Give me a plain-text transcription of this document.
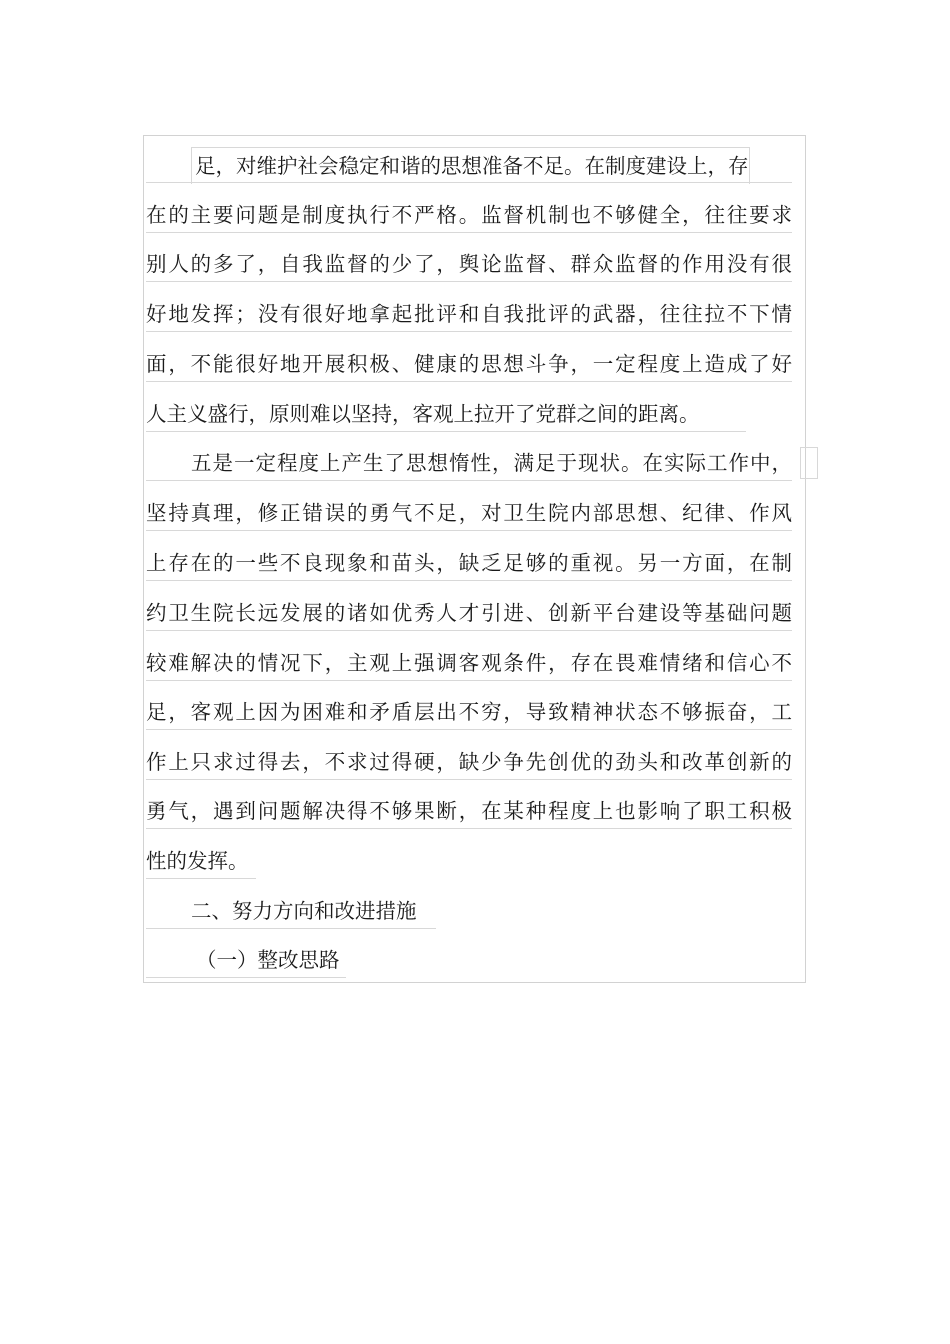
足，对维护社会稳定和谐的思想准备不足。在制度建设上，存
在的主要问题是制度执行不严格。监督机制也不够健全，往往要求
别人的多了，自我监督的少了，舆论监督、群众监督的作用没有很
好地发挥；没有很好地拿起批评和自我批评的武器，往往拉不下情
面，不能很好地开展积极、健康的思想斗争，一定程度上造成了好
人主义盛行，原则难以坚持，客观上拉开了党群之间的距离。
五是一定程度上产生了思想惰性，满足于现状。在实际工作中，
坚持真理，修正错误的勇气不足，对卫生院内部思想、纪律、作风
上存在的一些不良现象和苗头，缺乏足够的重视。另一方面，在制
约卫生院长远发展的诸如优秀人才引进、创新平台建设等基础问题
较难解决的情况下，主观上强调客观条件，存在畏难情绪和信心不
足，客观上因为困难和矛盾层出不穷，导致精神状态不够振奋，工
作上只求过得去，不求过得硬，缺少争先创优的劲头和改革创新的
勇气，遇到问题解决得不够果断，在某种程度上也影响了职工积极
性的发挥。
二、努力方向和改进措施
（一）整改思路
